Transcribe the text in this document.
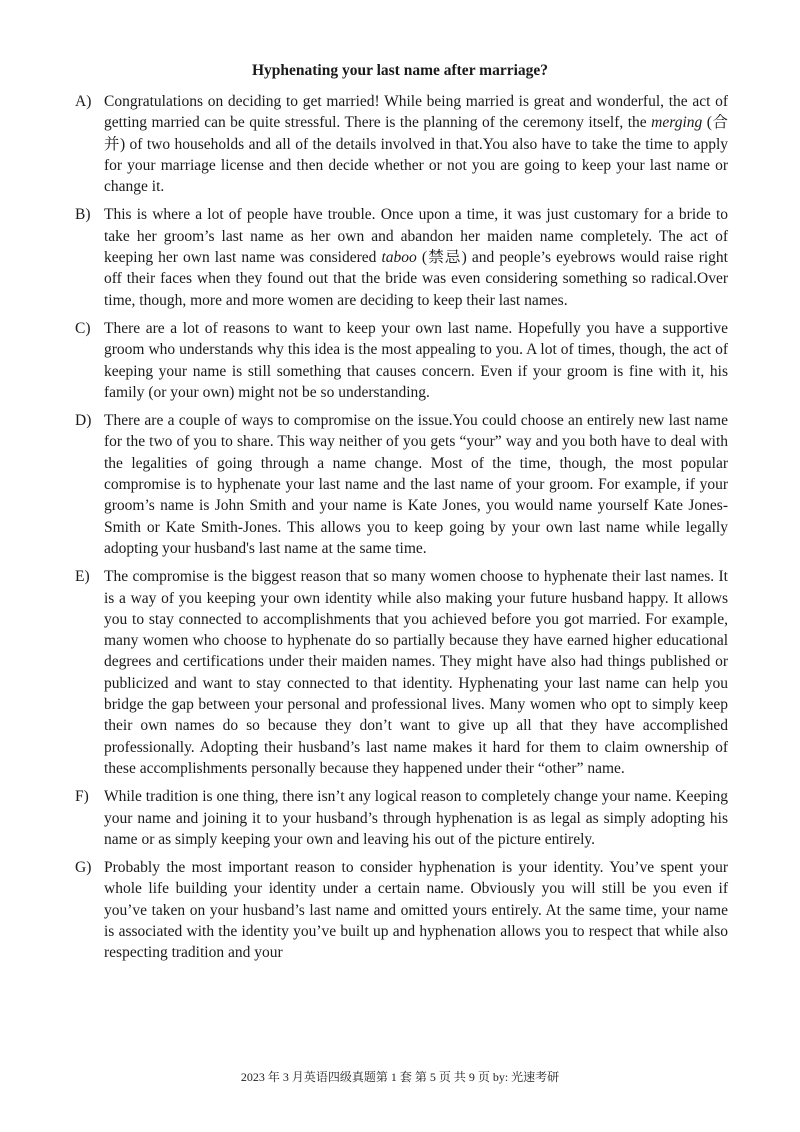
Hyphenating your last name after marriage?
A) Congratulations on deciding to get married! While being married is great and wonderful, the act of getting married can be quite stressful. There is the planning of the ceremony itself, the merging (合并) of two households and all of the details involved in that.You also have to take the time to apply for your marriage license and then decide whether or not you are going to keep your last name or change it.
B) This is where a lot of people have trouble. Once upon a time, it was just customary for a bride to take her groom’s last name as her own and abandon her maiden name completely. The act of keeping her own last name was considered taboo (禁忌) and people’s eyebrows would raise right off their faces when they found out that the bride was even considering something so radical.Over time, though, more and more women are deciding to keep their last names.
C) There are a lot of reasons to want to keep your own last name. Hopefully you have a supportive groom who understands why this idea is the most appealing to you. A lot of times, though, the act of keeping your name is still something that causes concern. Even if your groom is fine with it, his family (or your own) might not be so understanding.
D) There are a couple of ways to compromise on the issue.You could choose an entirely new last name for the two of you to share. This way neither of you gets “your” way and you both have to deal with the legalities of going through a name change. Most of the time, though, the most popular compromise is to hyphenate your last name and the last name of your groom. For example, if your groom’s name is John Smith and your name is Kate Jones, you would name yourself Kate Jones-Smith or Kate Smith-Jones. This allows you to keep going by your own last name while legally adopting your husband's last name at the same time.
E) The compromise is the biggest reason that so many women choose to hyphenate their last names. It is a way of you keeping your own identity while also making your future husband happy. It allows you to stay connected to accomplishments that you achieved before you got married. For example, many women who choose to hyphenate do so partially because they have earned higher educational degrees and certifications under their maiden names. They might have also had things published or publicized and want to stay connected to that identity. Hyphenating your last name can help you bridge the gap between your personal and professional lives. Many women who opt to simply keep their own names do so because they don’t want to give up all that they have accomplished professionally. Adopting their husband’s last name makes it hard for them to claim ownership of these accomplishments personally because they happened under their “other” name.
F) While tradition is one thing, there isn’t any logical reason to completely change your name. Keeping your name and joining it to your husband’s through hyphenation is as legal as simply adopting his name or as simply keeping your own and leaving his out of the picture entirely.
G) Probably the most important reason to consider hyphenation is your identity. You’ve spent your whole life building your identity under a certain name. Obviously you will still be you even if you’ve taken on your husband’s last name and omitted yours entirely. At the same time, your name is associated with the identity you’ve built up and hyphenation allows you to respect that while also respecting tradition and your
2023 年 3 月英语四级真题第 1 套 第 5 页 共 9 页 by: 光速考研
